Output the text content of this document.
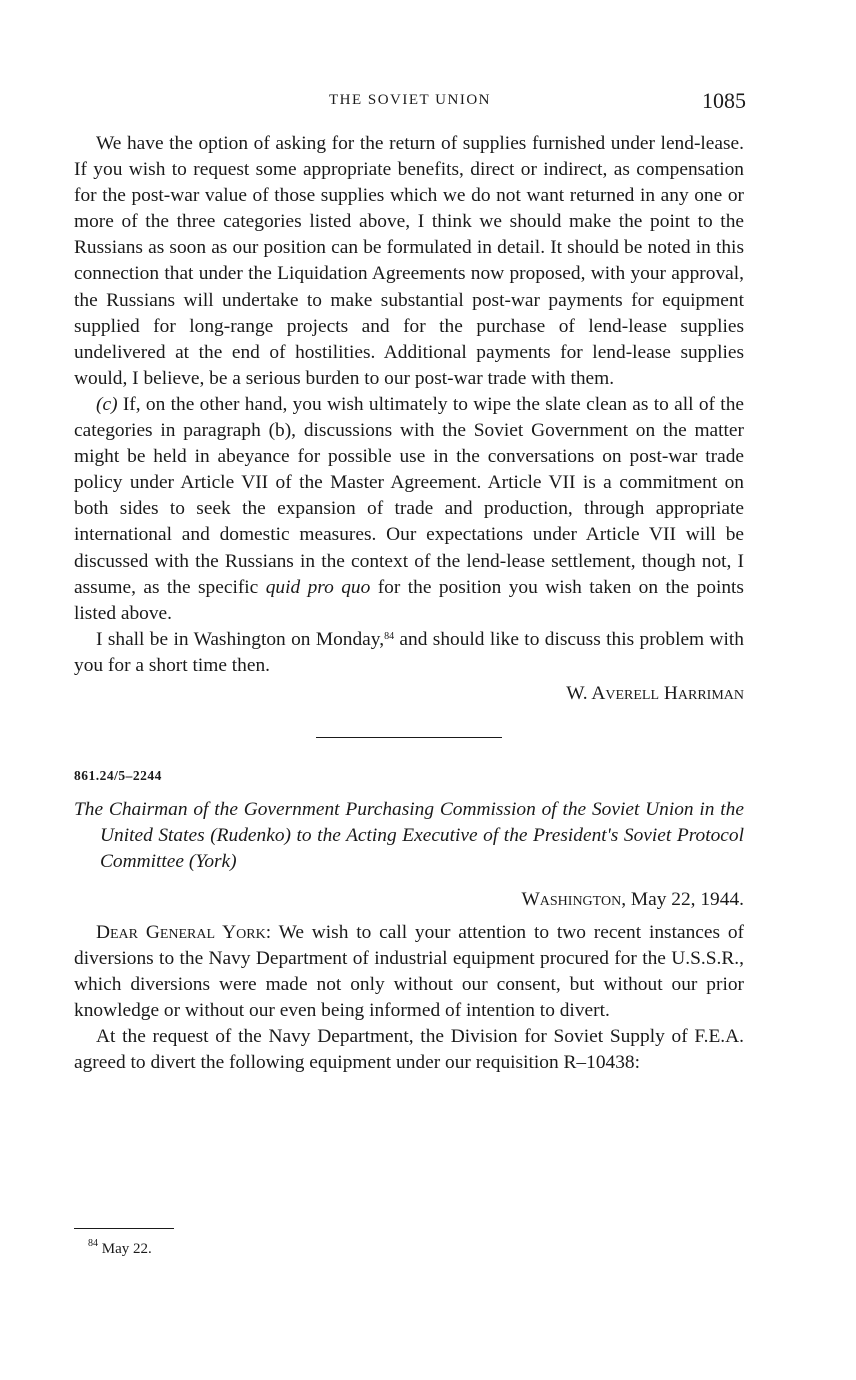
THE SOVIET UNION	1085

We have the option of asking for the return of supplies furnished under lend-lease. If you wish to request some appropriate benefits, direct or indirect, as compensation for the post-war value of those supplies which we do not want returned in any one or more of the three categories listed above, I think we should make the point to the Russians as soon as our position can be formulated in detail. It should be noted in this connection that under the Liquidation Agreements now proposed, with your approval, the Russians will undertake to make substantial post-war payments for equipment supplied for long-range projects and for the purchase of lend-lease supplies undelivered at the end of hostilities. Additional payments for lend-lease supplies would, I believe, be a serious burden to our post-war trade with them.

(c) If, on the other hand, you wish ultimately to wipe the slate clean as to all of the categories in paragraph (b), discussions with the Soviet Government on the matter might be held in abeyance for possible use in the conversations on post-war trade policy under Article VII of the Master Agreement. Article VII is a commitment on both sides to seek the expansion of trade and production, through appropriate international and domestic measures. Our expectations under Article VII will be discussed with the Russians in the context of the lend-lease settlement, though not, I assume, as the specific quid pro quo for the position you wish taken on the points listed above.

I shall be in Washington on Monday,$^{84}$ and should like to discuss this problem with you for a short time then.

W. Averell Harriman

861.24/5–2244

The Chairman of the Government Purchasing Commission of the Soviet Union in the United States (Rudenko) to the Acting Executive of the President's Soviet Protocol Committee (York)

Washington, May 22, 1944.

Dear General York: We wish to call your attention to two recent instances of diversions to the Navy Department of industrial equipment procured for the U.S.S.R., which diversions were made not only without our consent, but without our prior knowledge or without our even being informed of intention to divert.

At the request of the Navy Department, the Division for Soviet Supply of F.E.A. agreed to divert the following equipment under our requisition R–10438:

$^{84}$ May 22.
